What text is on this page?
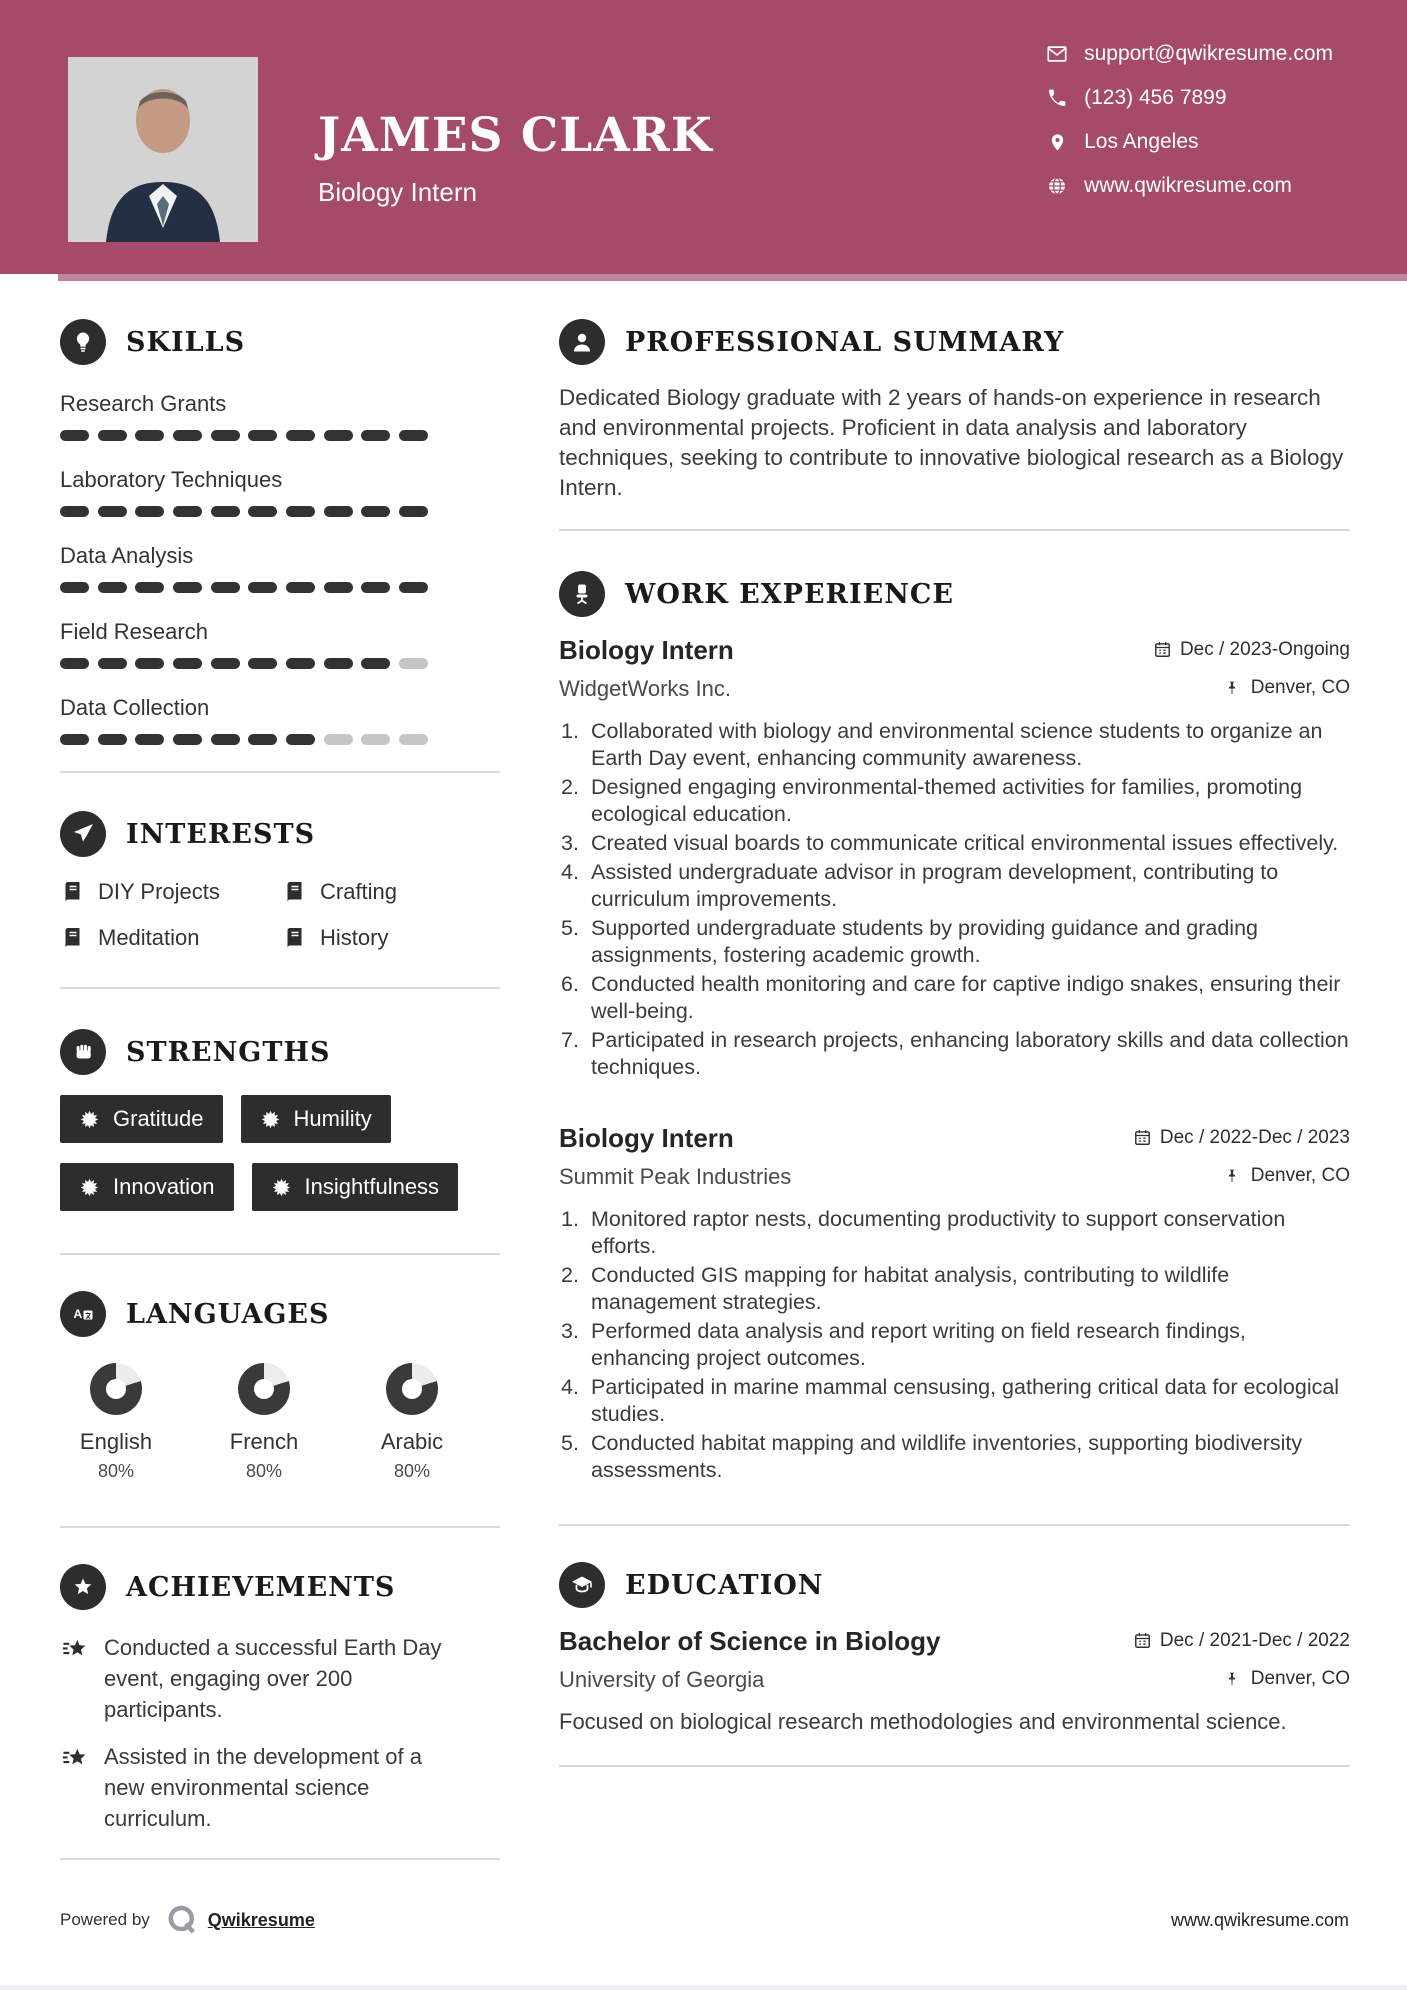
JAMES CLARK
Biology Intern
support@qwikresume.com
(123) 456 7899
Los Angeles
www.qwikresume.com
SKILLS
Research Grants
Laboratory Techniques
Data Analysis
Field Research
Data Collection
INTERESTS
DIY Projects	Crafting
Meditation	History
STRENGTHS
Gratitude	Humility
Innovation	Insightfulness
A LANGUAGES
English
80%
French
80%
Arabic
80%
ACHIEVEMENTS
Conducted a successful Earth Day event, engaging over 200 participants.
Assisted in the development of a new environmental science curriculum.
PROFESSIONAL SUMMARY

Dedicated Biology graduate with 2 years of hands-on experience in research and environmental projects. Proficient in data analysis and laboratory techniques, seeking to contribute to innovative biological research as a Biology Intern.

WORK EXPERIENCE
Biology Intern	Dec / 2023-Ongoing
WidgetWorks Inc.	Denver, CO
Collaborated with biology and environmental science students to organize an Earth Day event, enhancing community awareness.
Designed engaging environmental-themed activities for families, promoting ecological education.
Created visual boards to communicate critical environmental issues effectively.
Assisted undergraduate advisor in program development, contributing to curriculum improvements.
Supported undergraduate students by providing guidance and grading assignments, fostering academic growth.
Conducted health monitoring and care for captive indigo snakes, ensuring their well-being.
Participated in research projects, enhancing laboratory skills and data collection techniques.
Biology Intern	Dec / 2022-Dec / 2023
Summit Peak Industries	Denver, CO
Monitored raptor nests, documenting productivity to support conservation efforts.
Conducted GIS mapping for habitat analysis, contributing to wildlife management strategies.
Performed data analysis and report writing on field research findings, enhancing project outcomes.
Participated in marine mammal censusing, gathering critical data for ecological studies.
Conducted habitat mapping and wildlife inventories, supporting biodiversity assessments.
EDUCATION
Bachelor of Science in Biology	Dec / 2021-Dec / 2022
University of Georgia	Denver, CO

Focused on biological research methodologies and environmental science.

Powered by	Qwikresume	www.qwikresume.com
